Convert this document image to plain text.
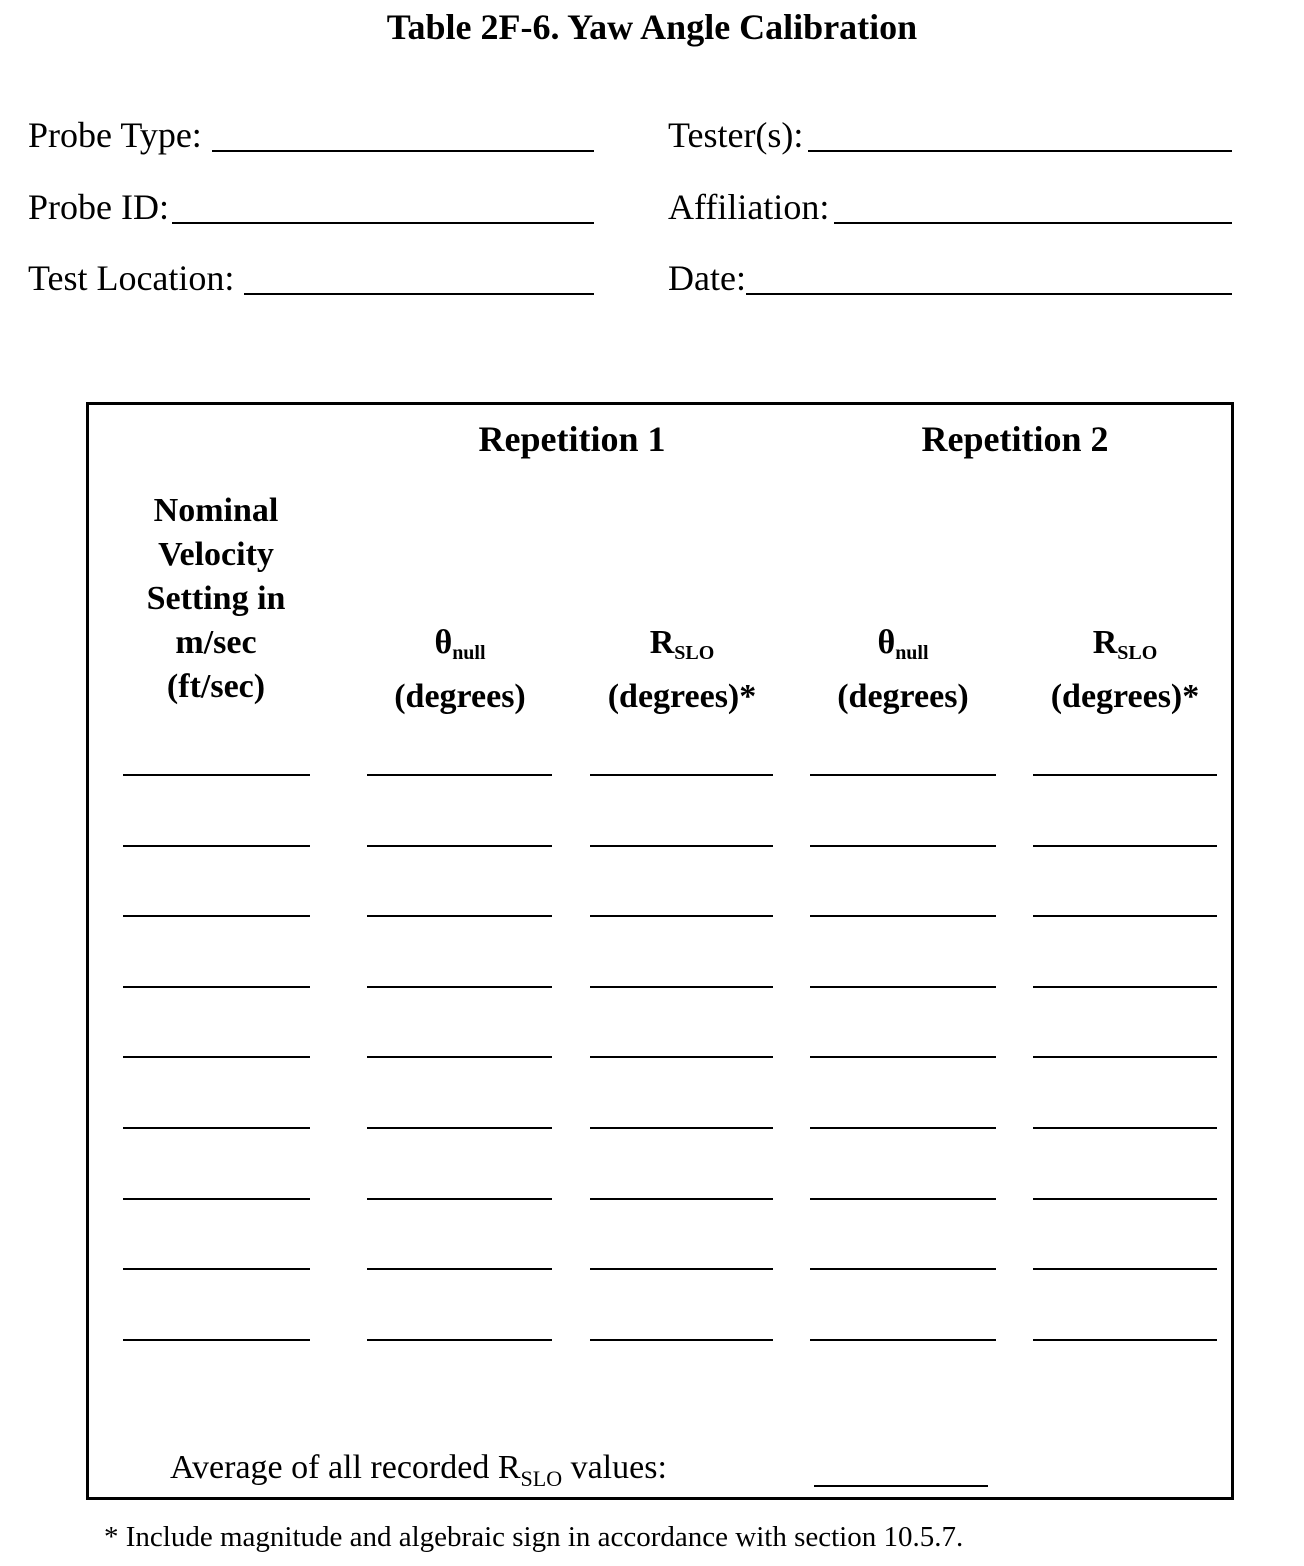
Table 2F-6. Yaw Angle Calibration
Probe Type:
Probe ID:
Test Location:
Tester(s):
Affiliation:
Date:
Repetition 1	Repetition 2
Nominal
Velocity
Setting in
m/sec
(ft/sec)
$\theta_{null}$
(degrees)
$R_{SLO}$
(degrees)*
$\theta_{null}$
(degrees)
$R_{SLO}$
(degrees)*
Average of all recorded $R_{SLO}$ values:
* Include magnitude and algebraic sign in accordance with section 10.5.7.
